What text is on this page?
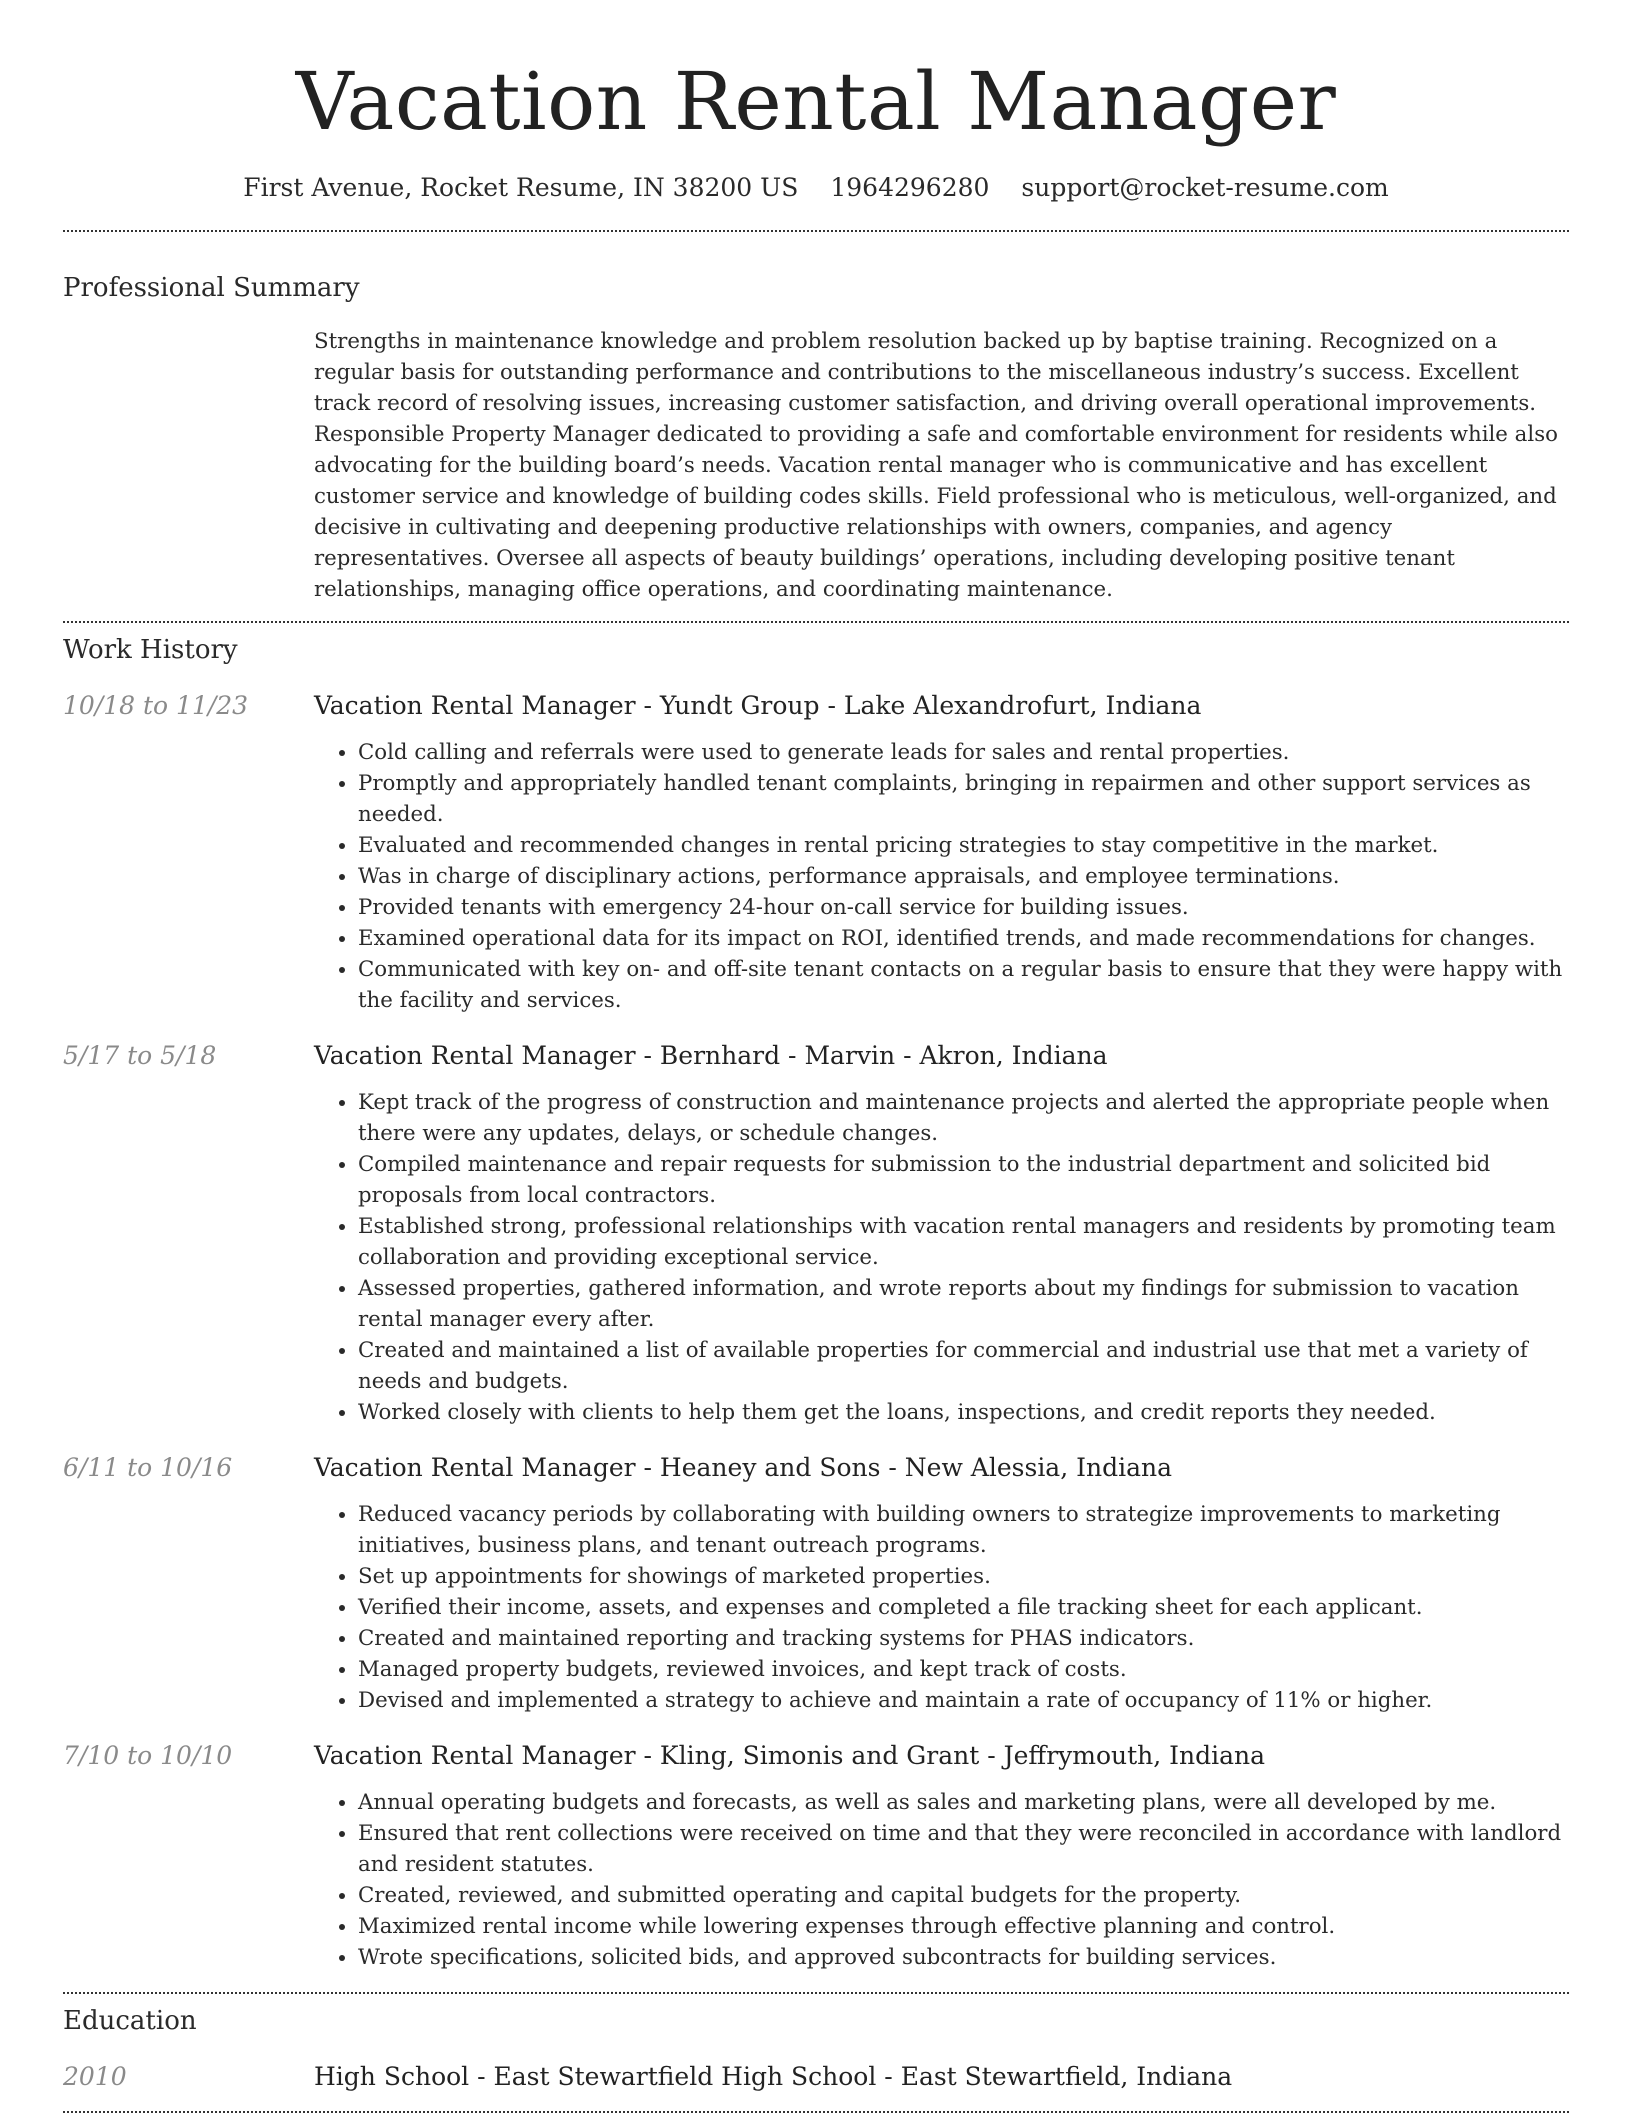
Vacation Rental Manager
First Avenue, Rocket Resume, IN 38200 US 1964296280 support@rocket-resume.com
Professional Summary
Strengths in maintenance knowledge and problem resolution backed up by baptise training. Recognized on a regular basis for outstanding performance and contributions to the miscellaneous industry’s success. Excellent track record of resolving issues, increasing customer satisfaction, and driving overall operational improvements. Responsible Property Manager dedicated to providing a safe and comfortable environment for residents while also advocating for the building board’s needs. Vacation rental manager who is communicative and has excellent customer service and knowledge of building codes skills. Field professional who is meticulous, well-organized, and decisive in cultivating and deepening productive relationships with owners, companies, and agency representatives. Oversee all aspects of beauty buildings’ operations, including developing positive tenant relationships, managing office operations, and coordinating maintenance.
Work History
10/18 to 11/23	Vacation Rental Manager - Yundt Group - Lake Alexandrofurt, Indiana
• Cold calling and referrals were used to generate leads for sales and rental properties.
• Promptly and appropriately handled tenant complaints, bringing in repairmen and other support services as needed.
• Evaluated and recommended changes in rental pricing strategies to stay competitive in the market.
• Was in charge of disciplinary actions, performance appraisals, and employee terminations.
• Provided tenants with emergency 24-hour on-call service for building issues.
• Examined operational data for its impact on ROI, identified trends, and made recommendations for changes.
• Communicated with key on- and off-site tenant contacts on a regular basis to ensure that they were happy with the facility and services.
5/17 to 5/18	Vacation Rental Manager - Bernhard - Marvin - Akron, Indiana
• Kept track of the progress of construction and maintenance projects and alerted the appropriate people when there were any updates, delays, or schedule changes.
• Compiled maintenance and repair requests for submission to the industrial department and solicited bid proposals from local contractors.
• Established strong, professional relationships with vacation rental managers and residents by promoting team collaboration and providing exceptional service.
• Assessed properties, gathered information, and wrote reports about my findings for submission to vacation rental manager every after.
• Created and maintained a list of available properties for commercial and industrial use that met a variety of needs and budgets.
• Worked closely with clients to help them get the loans, inspections, and credit reports they needed.
6/11 to 10/16	Vacation Rental Manager - Heaney and Sons - New Alessia, Indiana
• Reduced vacancy periods by collaborating with building owners to strategize improvements to marketing initiatives, business plans, and tenant outreach programs.
• Set up appointments for showings of marketed properties.
• Verified their income, assets, and expenses and completed a file tracking sheet for each applicant.
• Created and maintained reporting and tracking systems for PHAS indicators.
• Managed property budgets, reviewed invoices, and kept track of costs.
• Devised and implemented a strategy to achieve and maintain a rate of occupancy of 11% or higher.
7/10 to 10/10	Vacation Rental Manager - Kling, Simonis and Grant - Jeffrymouth, Indiana
• Annual operating budgets and forecasts, as well as sales and marketing plans, were all developed by me.
• Ensured that rent collections were received on time and that they were reconciled in accordance with landlord and resident statutes.
• Created, reviewed, and submitted operating and capital budgets for the property.
• Maximized rental income while lowering expenses through effective planning and control.
• Wrote specifications, solicited bids, and approved subcontracts for building services.
Education
2010	High School - East Stewartfield High School - East Stewartfield, Indiana
